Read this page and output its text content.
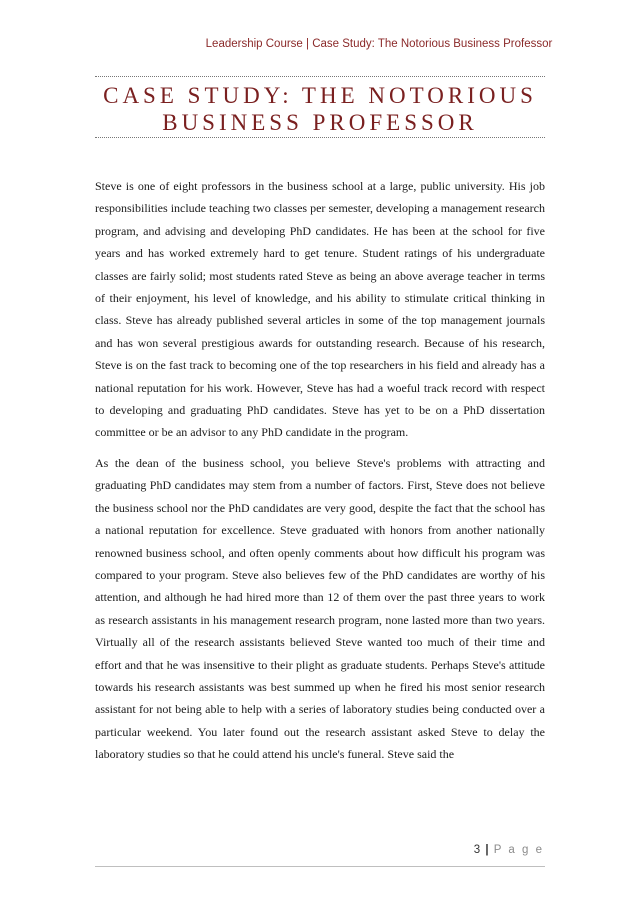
Leadership Course | Case Study: The Notorious Business Professor
CASE STUDY: THE NOTORIOUS
BUSINESS PROFESSOR

Steve is one of eight professors in the business school at a large, public university. His job responsibilities include teaching two classes per semester, developing a management research program, and advising and developing PhD candidates. He has been at the school for five years and has worked extremely hard to get tenure. Student ratings of his undergraduate classes are fairly solid; most students rated Steve as being an above average teacher in terms of their enjoyment, his level of knowledge, and his ability to stimulate critical thinking in class. Steve has already published several articles in some of the top management journals and has won several prestigious awards for outstanding research. Because of his research, Steve is on the fast track to becoming one of the top researchers in his field and already has a national reputation for his work. However, Steve has had a woeful track record with respect to developing and graduating PhD candidates. Steve has yet to be on a PhD dissertation committee or be an advisor to any PhD candidate in the program.

As the dean of the business school, you believe Steve's problems with attracting and graduating PhD candidates may stem from a number of factors. First, Steve does not believe the business school nor the PhD candidates are very good, despite the fact that the school has a national reputation for excellence. Steve graduated with honors from another nationally renowned business school, and often openly comments about how difficult his program was compared to your program. Steve also believes few of the PhD candidates are worthy of his attention, and although he had hired more than 12 of them over the past three years to work as research assistants in his management research program, none lasted more than two years. Virtually all of the research assistants believed Steve wanted too much of their time and effort and that he was insensitive to their plight as graduate students. Perhaps Steve's attitude towards his research assistants was best summed up when he fired his most senior research assistant for not being able to help with a series of laboratory studies being conducted over a particular weekend. You later found out the research assistant asked Steve to delay the laboratory studies so that he could attend his uncle's funeral. Steve said the

3 | P a g e
